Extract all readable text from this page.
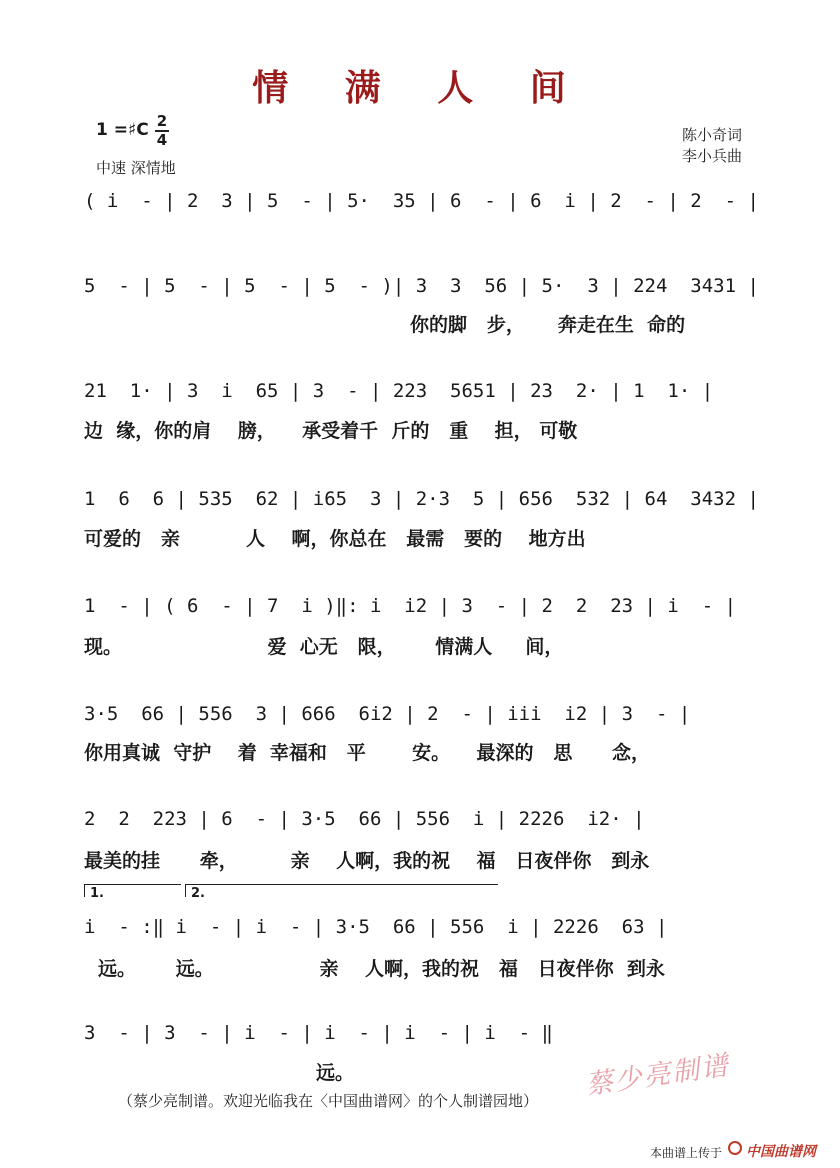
情 满 人 间
1 =♯C 2
4
中速 深情地
陈小奇词
李小兵曲
( i  - | 2  3 | 5  - | 5·  35 | 6  - | 6  i | 2  - | 2  - |
5  - | 5  - | 5  - | 5  - )| 3  3  56 | 5·  3 | 224  3431 |
你的脚   步，     奔走在生  命的
21  1· | 3  i  65 | 3  - | 223  5651 | 23  2· | 1  1· |
边  缘，你的肩    膀，    承受着千  斤的   重    担， 可敬
1  6  6 | 535  62 | i65  3 | 2·3  5 | 656  532 | 64  3432 |
可爱的   亲          人    啊，你总在   最需   要的    地方出
1  - | ( 6  - | 7  i )‖: i  i2 | 3  - | 2  2  23 | i  - |
现。                      爱  心无   限，      情满人     间，
3·5  66 | 556  3 | 666  6i2 | 2  - | iii  i2 | 3  - |
你用真诚  守护    着  幸福和   平       安。    最深的   思      念，
2  2  223 | 6  - | 3·5  66 | 556  i | 2226  i2· |
最美的挂      牵，        亲    人啊，我的祝    福   日夜伴你   到永
1.	2.
i  - :‖ i  - | i  - | 3·5  66 | 556  i | 2226  63 |
远。      远。                亲    人啊，我的祝   福   日夜伴你  到永
3  - | 3  - | i  - | i  - | i  - | i  - ‖
远。	蔡少亮制谱
（蔡少亮制谱。欢迎光临我在〈中国曲谱网〉的个人制谱园地）
本曲谱上传于 中国曲谱网
